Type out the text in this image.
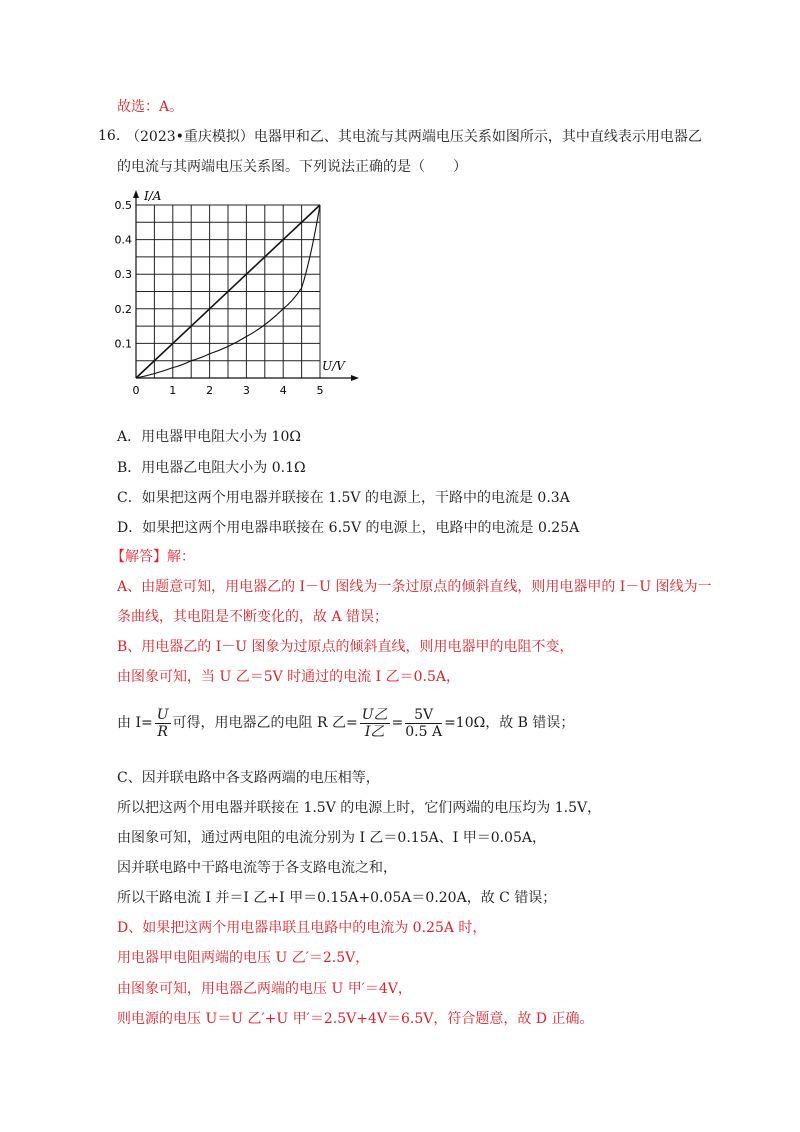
故选：A。
16. （2023•重庆模拟）电器甲和乙、其电流与其两端电压关系如图所示，其中直线表示用电器乙
的电流与其两端电压关系图。下列说法正确的是（　　）
I/A
U/V
0	1	2	3	4	5
0.1
0.2
0.3
0.4
0.5
A．用电器甲电阻大小为 10Ω
B．用电器乙电阻大小为 0.1Ω
C．如果把这两个用电器并联接在 1.5V 的电源上，干路中的电流是 0.3A
D．如果把这两个用电器串联接在 6.5V 的电源上，电路中的电流是 0.25A
【解答】解：
A、由题意可知，用电器乙的 I－U 图线为一条过原点的倾斜直线，则用电器甲的 I－U 图线为一
条曲线，其电阻是不断变化的，故 A 错误；
B、用电器乙的 I－U 图象为过原点的倾斜直线，则用电器甲的电阻不变，
由图象可知，当 U 乙＝5V 时通过的电流 I 乙＝0.5A，
由 $I= \frac{U}{R}$ 可得，用电器乙的电阻 R 乙= $\frac{\text{U乙}}{\text{I乙}} = \frac{5V}{0.5 A} =10\Omega$，故 B 错误；
C、因并联电路中各支路两端的电压相等，
所以把这两个用电器并联接在 1.5V 的电源上时，它们两端的电压均为 1.5V，
由图象可知，通过两电阻的电流分别为 I 乙＝0.15A、I 甲＝0.05A，
因并联电路中干路电流等于各支路电流之和，
所以干路电流 I 并＝I 乙+I 甲＝0.15A+0.05A＝0.20A，故 C 错误；
D、如果把这两个用电器串联且电路中的电流为 0.25A 时，
用电器甲电阻两端的电压 U 乙′＝2.5V，
由图象可知，用电器乙两端的电压 U 甲′＝4V，
则电源的电压 U＝U 乙′+U 甲′＝2.5V+4V＝6.5V，符合题意，故 D 正确。
